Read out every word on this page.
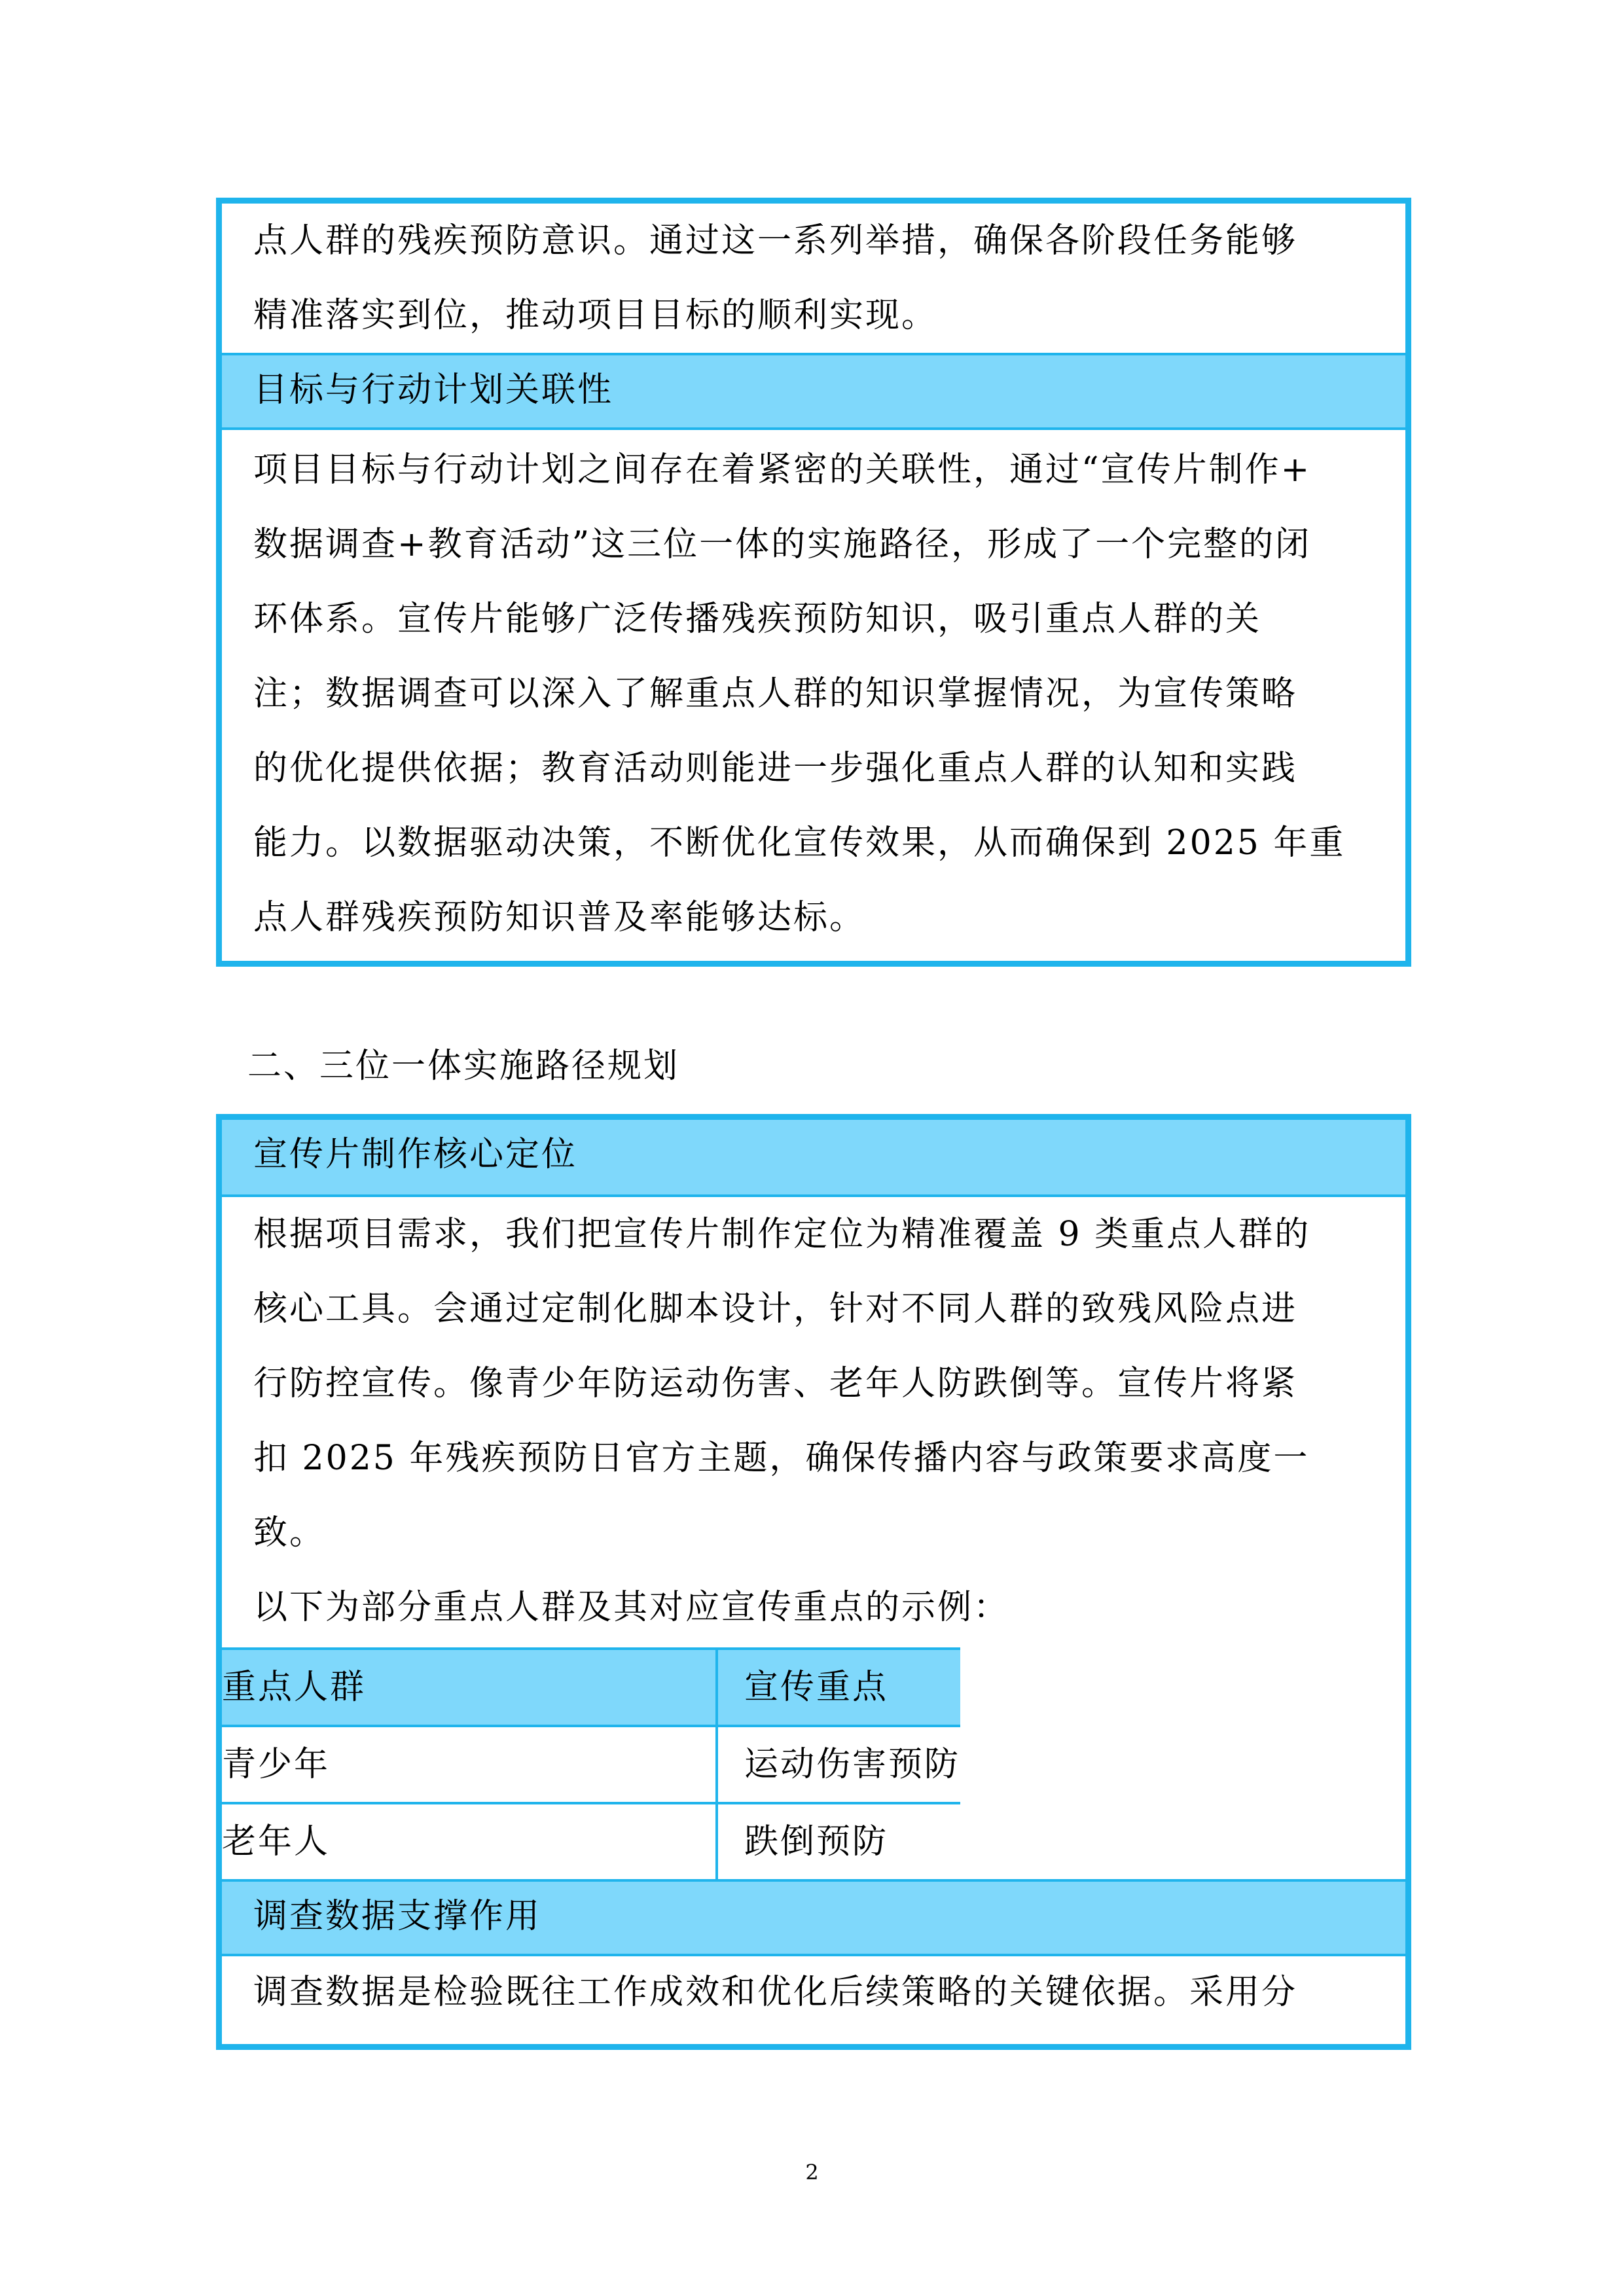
点人群的残疾预防意识。通过这一系列举措，确保各阶段任务能够
精准落实到位，推动项目目标的顺利实现。
目标与行动计划关联性
项目目标与行动计划之间存在着紧密的关联性，通过“宣传片制作+
数据调查+教育活动”这三位一体的实施路径，形成了一个完整的闭
环体系。宣传片能够广泛传播残疾预防知识，吸引重点人群的关
注；数据调查可以深入了解重点人群的知识掌握情况，为宣传策略
的优化提供依据；教育活动则能进一步强化重点人群的认知和实践
能力。以数据驱动决策，不断优化宣传效果，从而确保到 2025 年重
点人群残疾预防知识普及率能够达标。
二、三位一体实施路径规划
宣传片制作核心定位
根据项目需求，我们把宣传片制作定位为精准覆盖 9 类重点人群的
核心工具。会通过定制化脚本设计，针对不同人群的致残风险点进
行防控宣传。像青少年防运动伤害、老年人防跌倒等。宣传片将紧
扣 2025 年残疾预防日官方主题，确保传播内容与政策要求高度一
致。
以下为部分重点人群及其对应宣传重点的示例：
重点人群	宣传重点
青少年	运动伤害预防
老年人	跌倒预防
调查数据支撑作用
调查数据是检验既往工作成效和优化后续策略的关键依据。采用分
2
